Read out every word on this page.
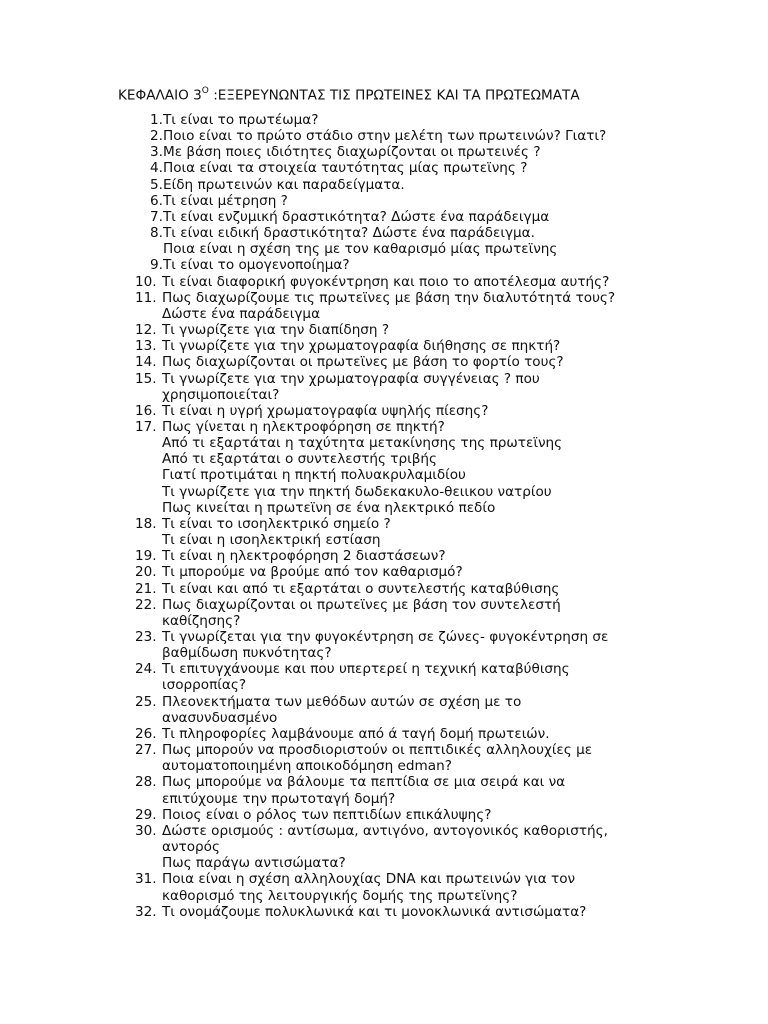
ΚΕΦΑΛΑΙΟ $3^O$ :ΕΞΕΡΕΥΝΩΝΤΑΣ ΤΙΣ ΠΡΩΤΕΙΝΕΣ ΚΑΙ ΤΑ ΠΡΩΤΕΩΜΑΤΑ
1. Τι είναι το πρωτέωμα?
2. Ποιο είναι το πρώτο στάδιο στην μελέτη των πρωτεινών? Γιατι?
3. Με βάση ποιες ιδιότητες διαχωρίζονται οι πρωτεινές ?
4. Ποια είναι τα στοιχεία ταυτότητας μίας πρωτεϊνης ?
5. Είδη πρωτεινών και παραδείγματα.
6. Τι είναι μέτρηση ?
7. Τι είναι ενζυμική δραστικότητα? Δώστε ένα παράδειγμα
8. Τι είναι ειδική δραστικότητα? Δώστε ένα παράδειγμα.
Ποια είναι η σχέση της με τον καθαρισμό μίας πρωτεϊνης
9. Τι είναι το ομογενοποίημα?
10. Τι είναι διαφορική φυγοκέντρηση και ποιο το αποτέλεσμα αυτής?
11. Πως διαχωρίζουμε τις πρωτεϊνες με βάση την διαλυτότητά τους?
Δώστε ένα παράδειγμα
12. Τι γνωρίζετε για την διαπίδηση ?
13. Τι γνωρίζετε για την χρωματογραφία διήθησης σε πηκτή?
14. Πως διαχωρίζονται οι πρωτεϊνες με βάση το φορτίο τους?
15. Τι γνωρίζετε για την χρωματογραφία συγγένειας ? που
χρησιμοποιείται?
16. Τι είναι η υγρή χρωματογραφία υψηλής πίεσης?
17. Πως γίνεται η ηλεκτροφόρηση σε πηκτή?
Από τι εξαρτάται η ταχύτητα μετακίνησης της πρωτεϊνης
Από τι εξαρτάται ο συντελεστής τριβής
Γιατί προτιμάται η πηκτή πολυακρυλαμιδίου
Τι γνωρίζετε για την πηκτή δωδεκακυλο-θειικου νατρίου
Πως κινείται η πρωτεϊνη σε ένα ηλεκτρικό πεδίο
18. Τι είναι το ισοηλεκτρικό σημείο ?
Τι είναι η ισοηλεκτρική εστίαση
19. Τι είναι η ηλεκτροφόρηση 2 διαστάσεων?
20. Τι μπορούμε να βρούμε από τον καθαρισμό?
21. Τι είναι και από τι εξαρτάται ο συντελεστής καταβύθισης
22. Πως διαχωρίζονται οι πρωτεϊνες με βάση τον συντελεστή
καθίζησης?
23. Τι γνωρίζεται για την φυγοκέντρηση σε ζώνες- φυγοκέντρηση σε
βαθμίδωση πυκνότητας?
24. Τι επιτυγχάνουμε και που υπερτερεί η τεχνική καταβύθισης
ισορροπίας?
25. Πλεονεκτήματα των μεθόδων αυτών σε σχέση με το
ανασυνδυασμένο
26. Τι πληροφορίες λαμβάνουμε από ά ταγή δομή πρωτειών.
27. Πως μπορούν να προσδιοριστούν οι πεπτιδικές αλληλουχίες με
αυτοματοποιημένη αποικοδόμηση edman?
28. Πως μπορούμε να βάλουμε τα πεπτίδια σε μια σειρά και να
επιτύχουμε την πρωτοταγή δομή?
29. Ποιος είναι ο ρόλος των πεπτιδίων επικάλυψης?
30. Δώστε ορισμούς : αντίσωμα, αντιγόνο, αντογονικός καθοριστής,
αντορός
Πως παράγω αντισώματα?
31. Ποια είναι η σχέση αλληλουχίας DNA και πρωτεινών για τον
καθορισμό της λειτουργικής δομής της πρωτεϊνης?
32. Τι ονομάζουμε πολυκλωνικά και τι μονοκλωνικά αντισώματα?
